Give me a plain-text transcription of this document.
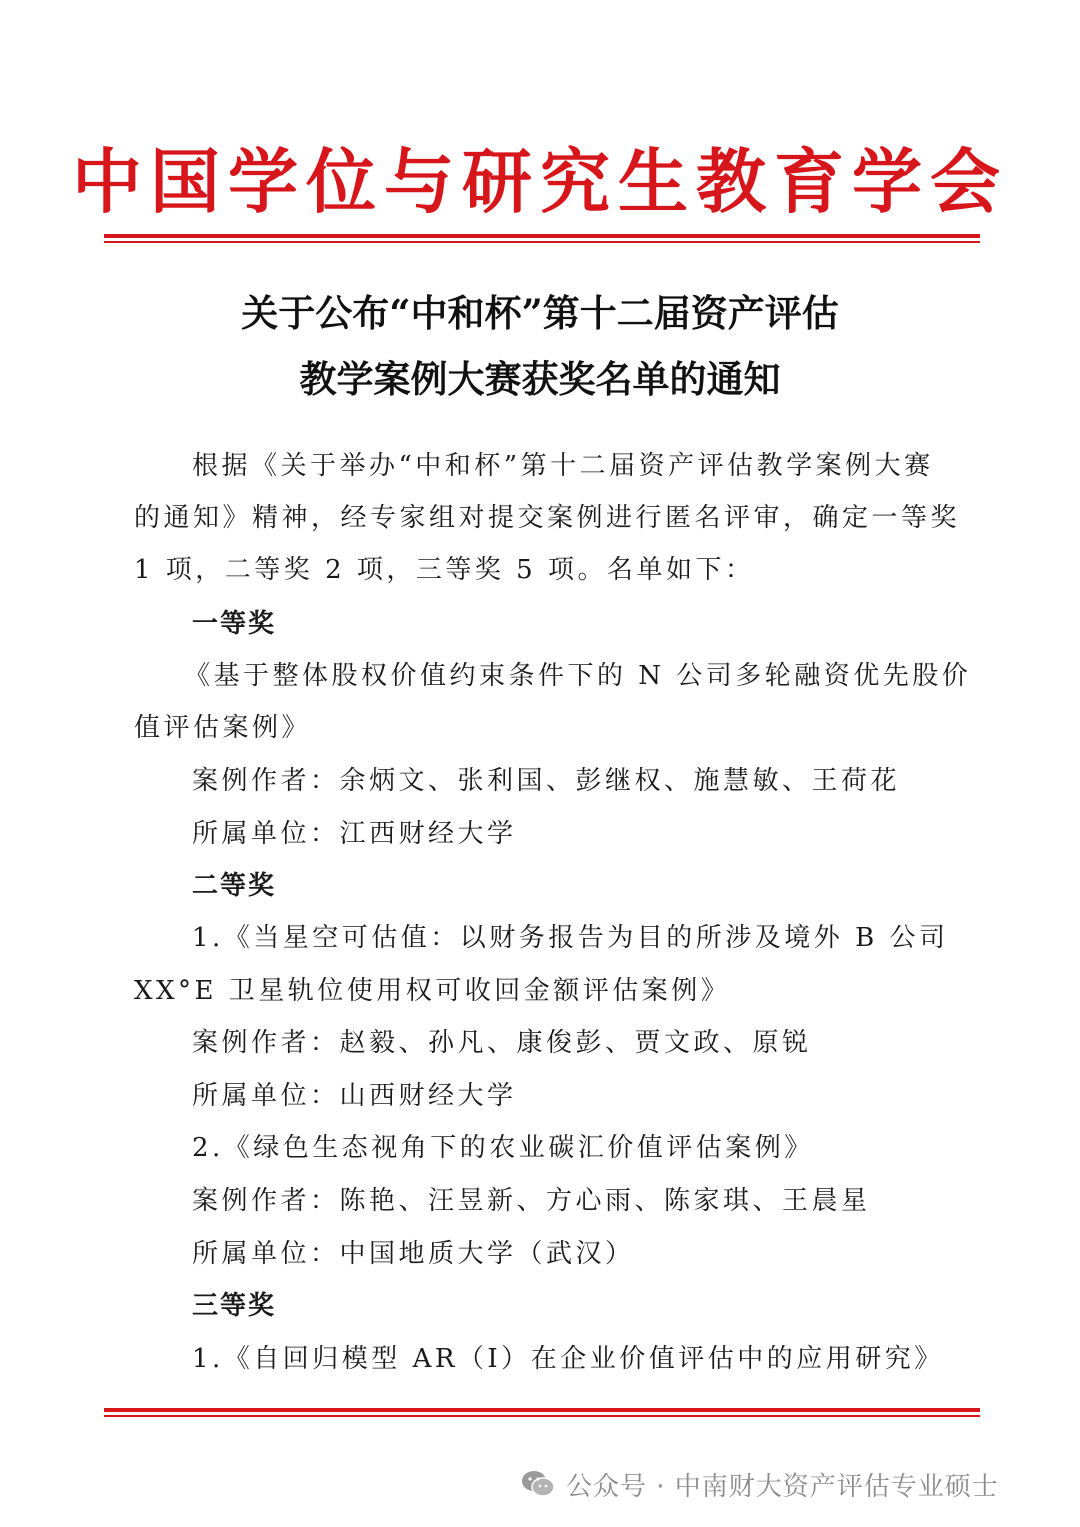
中国学位与研究生教育学会
关于公布“中和杯”第十二届资产评估
教学案例大赛获奖名单的通知
根据《关于举办“中和杯”第十二届资产评估教学案例大赛
的通知》精神，经专家组对提交案例进行匿名评审，确定一等奖
1 项，二等奖 2 项，三等奖 5 项。名单如下：
一等奖
《基于整体股权价值约束条件下的 N 公司多轮融资优先股价
值评估案例》
案例作者：余炳文、张利国、彭继权、施慧敏、王荷花
所属单位：江西财经大学
二等奖
1.《当星空可估值：以财务报告为目的所涉及境外 B 公司
XX°E 卫星轨位使用权可收回金额评估案例》
案例作者：赵毅、孙凡、康俊彭、贾文政、原锐
所属单位：山西财经大学
2.《绿色生态视角下的农业碳汇价值评估案例》
案例作者：陈艳、汪昱新、方心雨、陈家琪、王晨星
所属单位：中国地质大学（武汉）
三等奖
1.《自回归模型 AR（I）在企业价值评估中的应用研究》
公众号 · 中南财大资产评估专业硕士
